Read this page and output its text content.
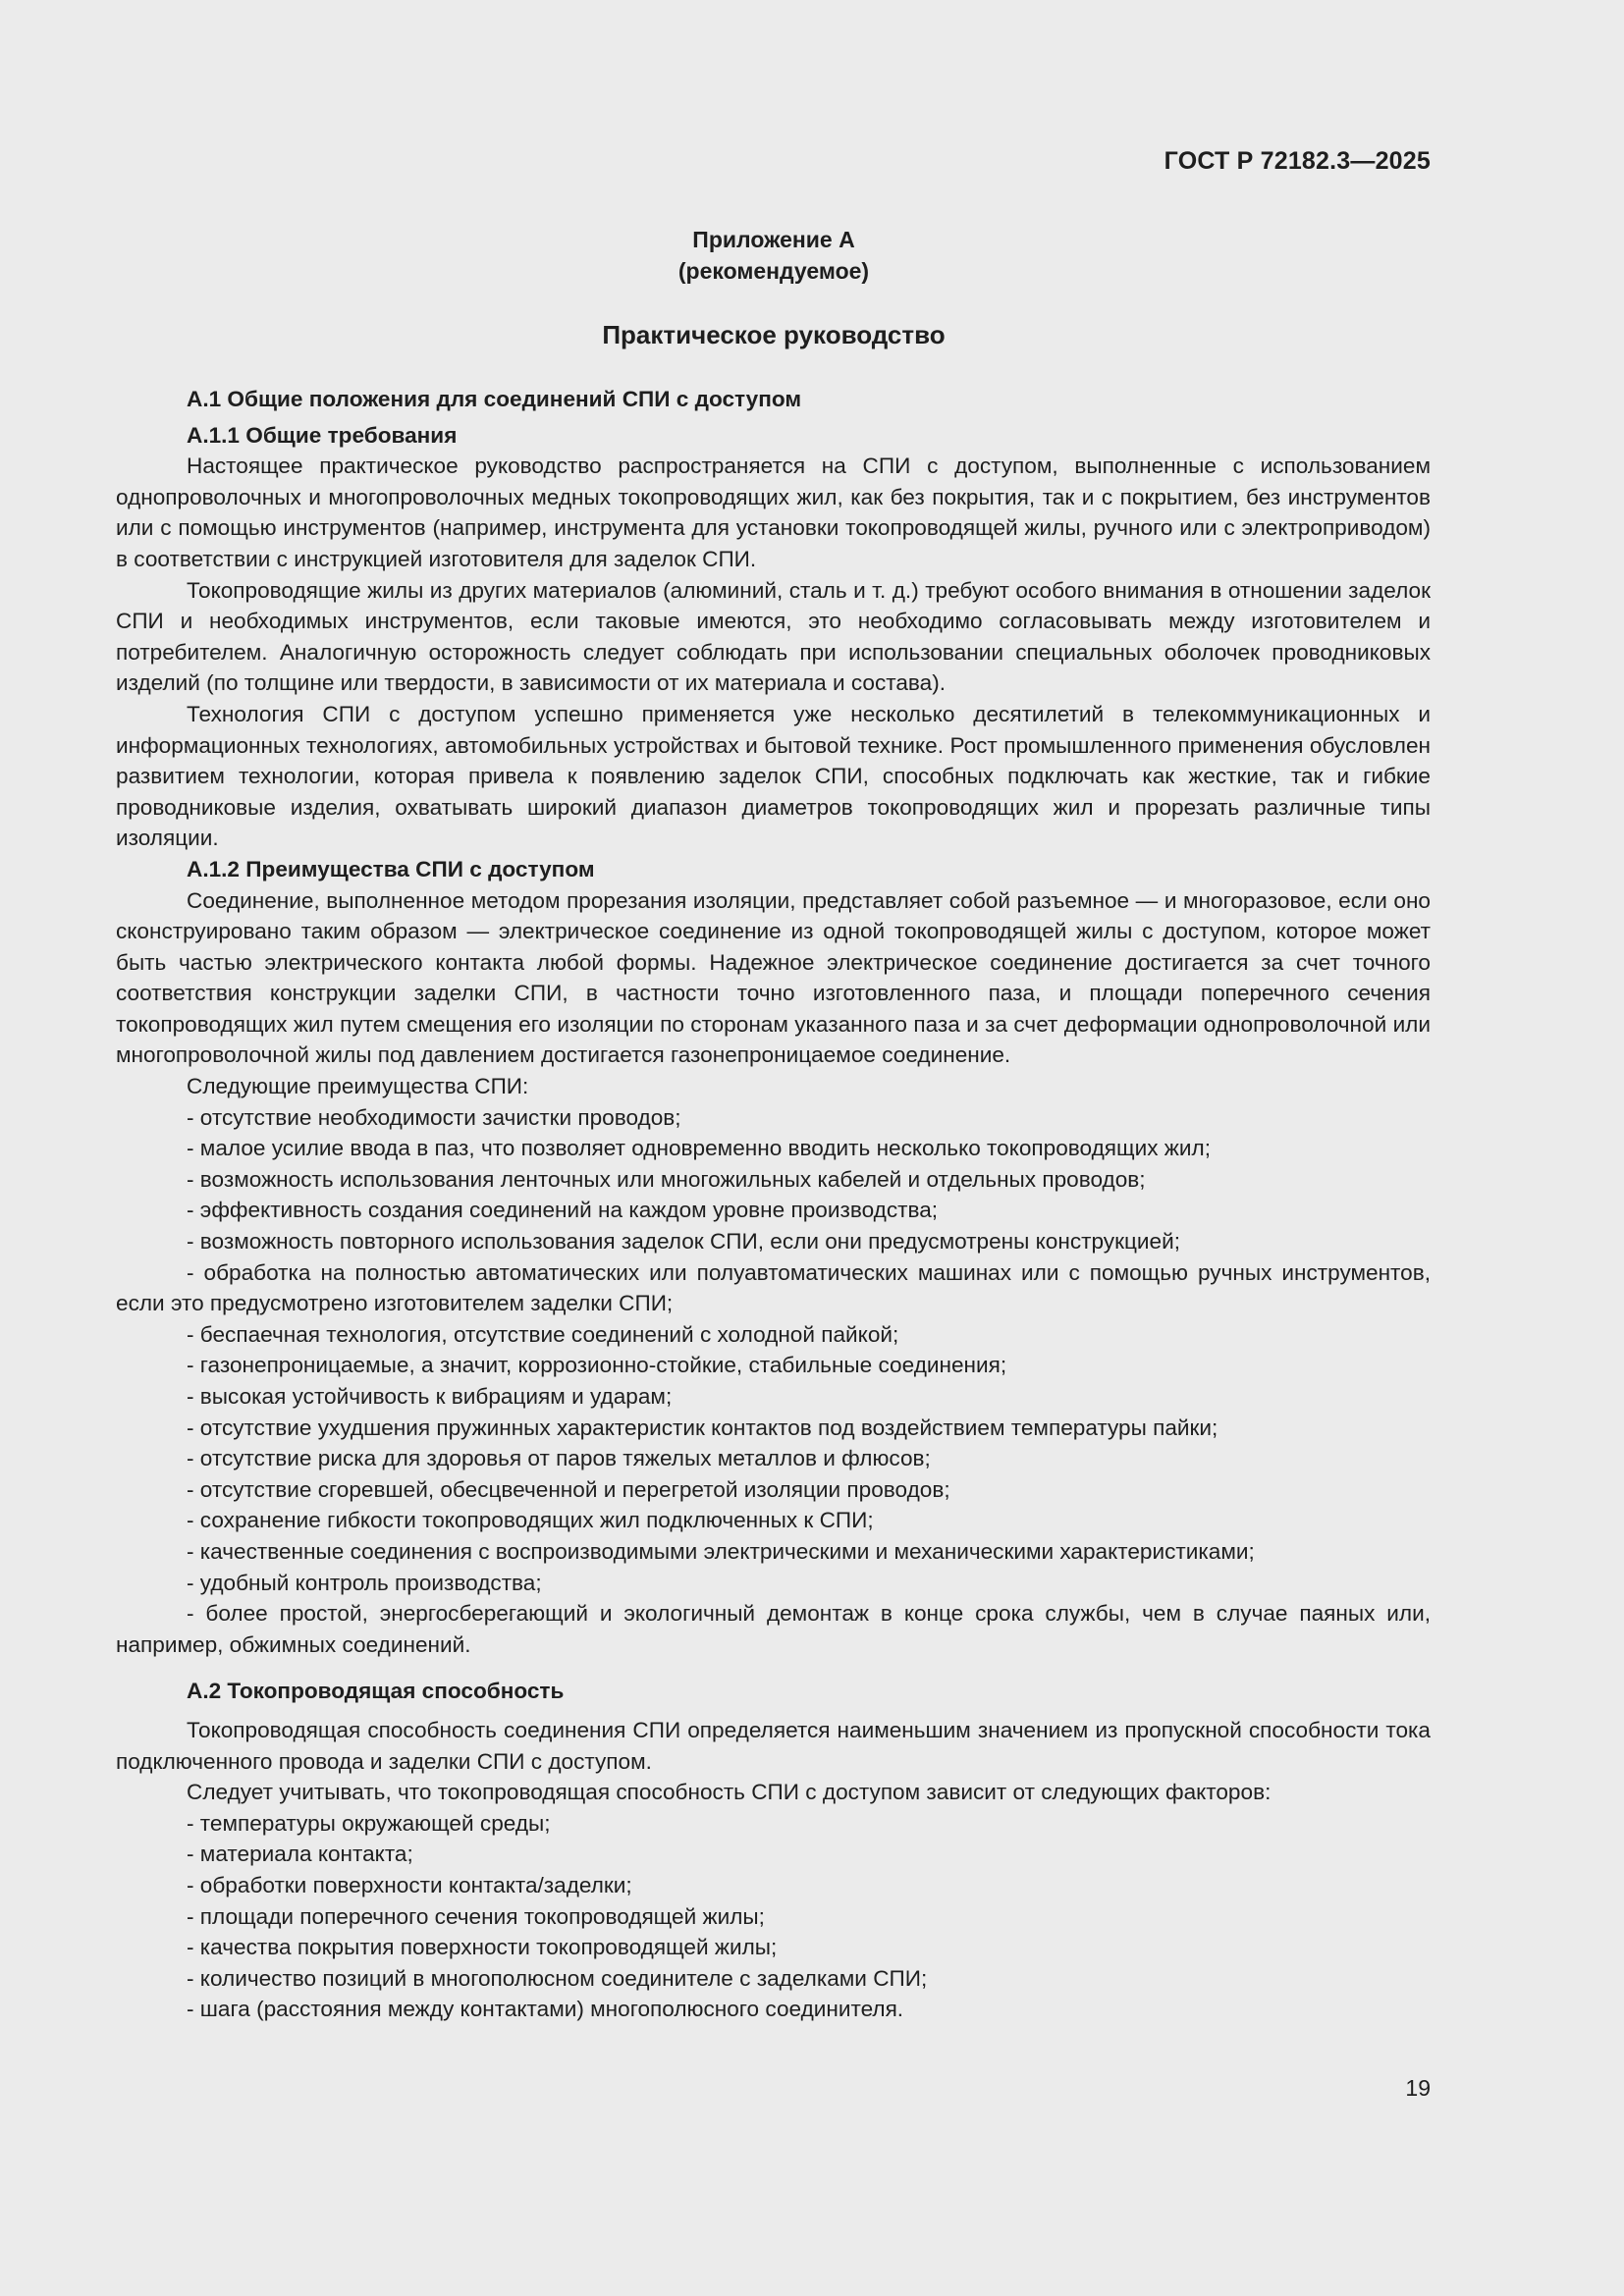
ГОСТ Р 72182.3—2025
Приложение А
(рекомендуемое)
Практическое руководство

А.1 Общие положения для соединений СПИ с доступом

А.1.1 Общие требования

Настоящее практическое руководство распространяется на СПИ с доступом, выполненные с использованием однопроволочных и многопроволочных медных токопроводящих жил, как без покрытия, так и с покрытием, без инструментов или с помощью инструментов (например, инструмента для установки токопроводящей жилы, ручного или с электроприводом) в соответствии с инструкцией изготовителя для заделок СПИ.

Токопроводящие жилы из других материалов (алюминий, сталь и т. д.) требуют особого внимания в отношении заделок СПИ и необходимых инструментов, если таковые имеются, это необходимо согласовывать между изготовителем и потребителем. Аналогичную осторожность следует соблюдать при использовании специальных оболочек проводниковых изделий (по толщине или твердости, в зависимости от их материала и состава).

Технология СПИ с доступом успешно применяется уже несколько десятилетий в телекоммуникационных и информационных технологиях, автомобильных устройствах и бытовой технике. Рост промышленного применения обусловлен развитием технологии, которая привела к появлению заделок СПИ, способных подключать как жесткие, так и гибкие проводниковые изделия, охватывать широкий диапазон диаметров токопроводящих жил и прорезать различные типы изоляции.

А.1.2 Преимущества СПИ с доступом

Соединение, выполненное методом прорезания изоляции, представляет собой разъемное — и многоразовое, если оно сконструировано таким образом — электрическое соединение из одной токопроводящей жилы с доступом, которое может быть частью электрического контакта любой формы. Надежное электрическое соединение достигается за счет точного соответствия конструкции заделки СПИ, в частности точно изготовленного паза, и площади поперечного сечения токопроводящих жил путем смещения его изоляции по сторонам указанного паза и за счет деформации однопроволочной или многопроволочной жилы под давлением достигается газонепроницаемое соединение.

Следующие преимущества СПИ:

- отсутствие необходимости зачистки проводов;

- малое усилие ввода в паз, что позволяет одновременно вводить несколько токопроводящих жил;

- возможность использования ленточных или многожильных кабелей и отдельных проводов;

- эффективность создания соединений на каждом уровне производства;

- возможность повторного использования заделок СПИ, если они предусмотрены конструкцией;

- обработка на полностью автоматических или полуавтоматических машинах или с помощью ручных инструментов, если это предусмотрено изготовителем заделки СПИ;

- беспаечная технология, отсутствие соединений с холодной пайкой;

- газонепроницаемые, а значит, коррозионно-стойкие, стабильные соединения;

- высокая устойчивость к вибрациям и ударам;

- отсутствие ухудшения пружинных характеристик контактов под воздействием температуры пайки;

- отсутствие риска для здоровья от паров тяжелых металлов и флюсов;

- отсутствие сгоревшей, обесцвеченной и перегретой изоляции проводов;

- сохранение гибкости токопроводящих жил подключенных к СПИ;

- качественные соединения с воспроизводимыми электрическими и механическими характеристиками;

- удобный контроль производства;

- более простой, энергосберегающий и экологичный демонтаж в конце срока службы, чем в случае паяных или, например, обжимных соединений.

А.2 Токопроводящая способность

Токопроводящая способность соединения СПИ определяется наименьшим значением из пропускной способности тока подключенного провода и заделки СПИ с доступом.

Следует учитывать, что токопроводящая способность СПИ с доступом зависит от следующих факторов:

- температуры окружающей среды;

- материала контакта;

- обработки поверхности контакта/заделки;

- площади поперечного сечения токопроводящей жилы;

- качества покрытия поверхности токопроводящей жилы;

- количество позиций в многополюсном соединителе с заделками СПИ;

- шага (расстояния между контактами) многополюсного соединителя.

19
